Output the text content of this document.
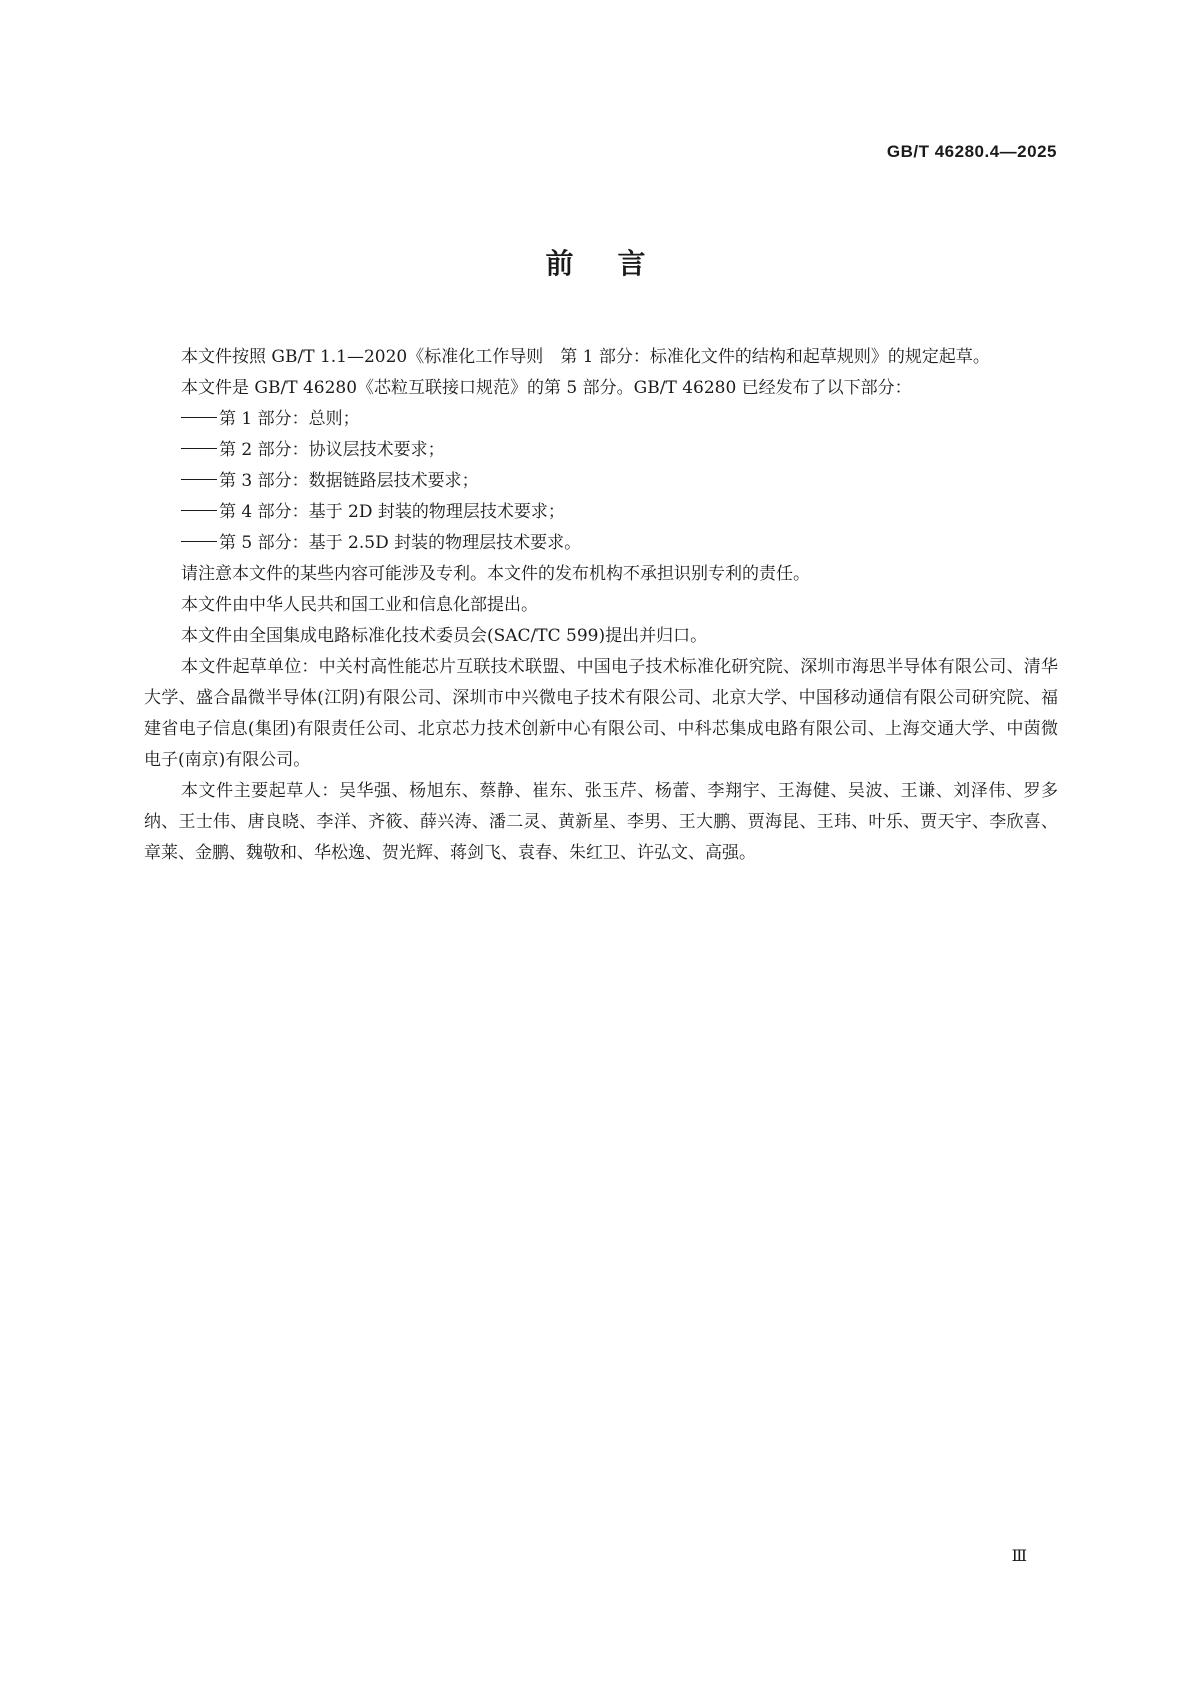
GB/T 46280.4—2025
前言

本文件按照 GB/T 1.1—2020《标准化工作导则　第 1 部分：标准化文件的结构和起草规则》的规定起草。

本文件是 GB/T 46280《芯粒互联接口规范》的第 5 部分。GB/T 46280 已经发布了以下部分：

第 1 部分：总则；

第 2 部分：协议层技术要求；

第 3 部分：数据链路层技术要求；

第 4 部分：基于 2D 封装的物理层技术要求；

第 5 部分：基于 2.5D 封装的物理层技术要求。

请注意本文件的某些内容可能涉及专利。本文件的发布机构不承担识别专利的责任。

本文件由中华人民共和国工业和信息化部提出。

本文件由全国集成电路标准化技术委员会(SAC/TC 599)提出并归口。

本文件起草单位：中关村高性能芯片互联技术联盟、中国电子技术标准化研究院、深圳市海思半导体有限公司、清华大学、盛合晶微半导体(江阴)有限公司、深圳市中兴微电子技术有限公司、北京大学、中国移动通信有限公司研究院、福建省电子信息(集团)有限责任公司、北京芯力技术创新中心有限公司、中科芯集成电路有限公司、上海交通大学、中茵微电子(南京)有限公司。

本文件主要起草人：吴华强、杨旭东、蔡静、崔东、张玉芹、杨蕾、李翔宇、王海健、吴波、王谦、刘泽伟、罗多纳、王士伟、唐良晓、李洋、齐筱、薛兴涛、潘二灵、黄新星、李男、王大鹏、贾海昆、王玮、叶乐、贾天宇、李欣喜、章莱、金鹏、魏敬和、华松逸、贺光辉、蒋剑飞、袁春、朱红卫、许弘文、高强。

Ⅲ
